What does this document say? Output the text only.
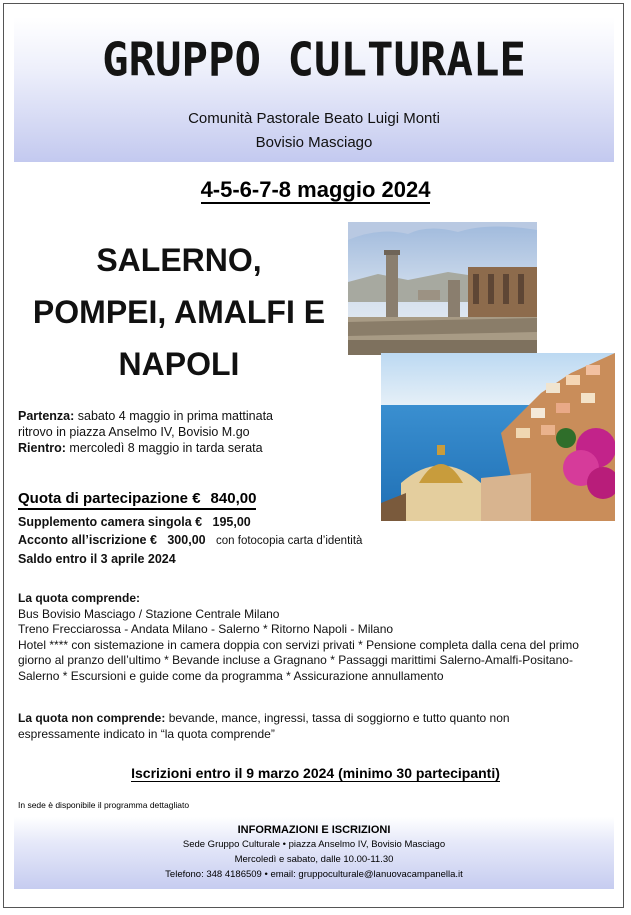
GRUPPO CULTURALE
Comunità Pastorale Beato Luigi Monti
Bovisio Masciago
4-5-6-7-8 maggio 2024
SALERNO,
POMPEI, AMALFI E
NAPOLI
Partenza: sabato 4 maggio in prima mattinata
ritrovo in piazza Anselmo IV, Bovisio M.go
Rientro: mercoledì 8 maggio in tarda serata
Quota di partecipazione € 840,00
Supplemento camera singola € 195,00
Acconto all’iscrizione € 300,00 con fotocopia carta d’identità
Saldo entro il 3 aprile 2024
La quota comprende:
Bus Bovisio Masciago / Stazione Centrale Milano
Treno Frecciarossa - Andata Milano - Salerno * Ritorno Napoli - Milano
Hotel **** con sistemazione in camera doppia con servizi privati * Pensione completa dalla cena del primo
giorno al pranzo dell’ultimo * Bevande incluse a Gragnano * Passaggi marittimi Salerno-Amalfi-Positano-
Salerno * Escursioni e guide come da programma * Assicurazione annullamento
La quota non comprende: bevande, mance, ingressi, tassa di soggiorno e tutto quanto non
espressamente indicato in “la quota comprende”
Iscrizioni entro il 9 marzo 2024 (minimo 30 partecipanti)
In sede è disponibile il programma dettagliato
INFORMAZIONI E ISCRIZIONI
Sede Gruppo Culturale • piazza Anselmo IV, Bovisio Masciago
Mercoledì e sabato, dalle 10.00-11.30
Telefono: 348 4186509 • email: gruppoculturale@lanuovacampanella.it
